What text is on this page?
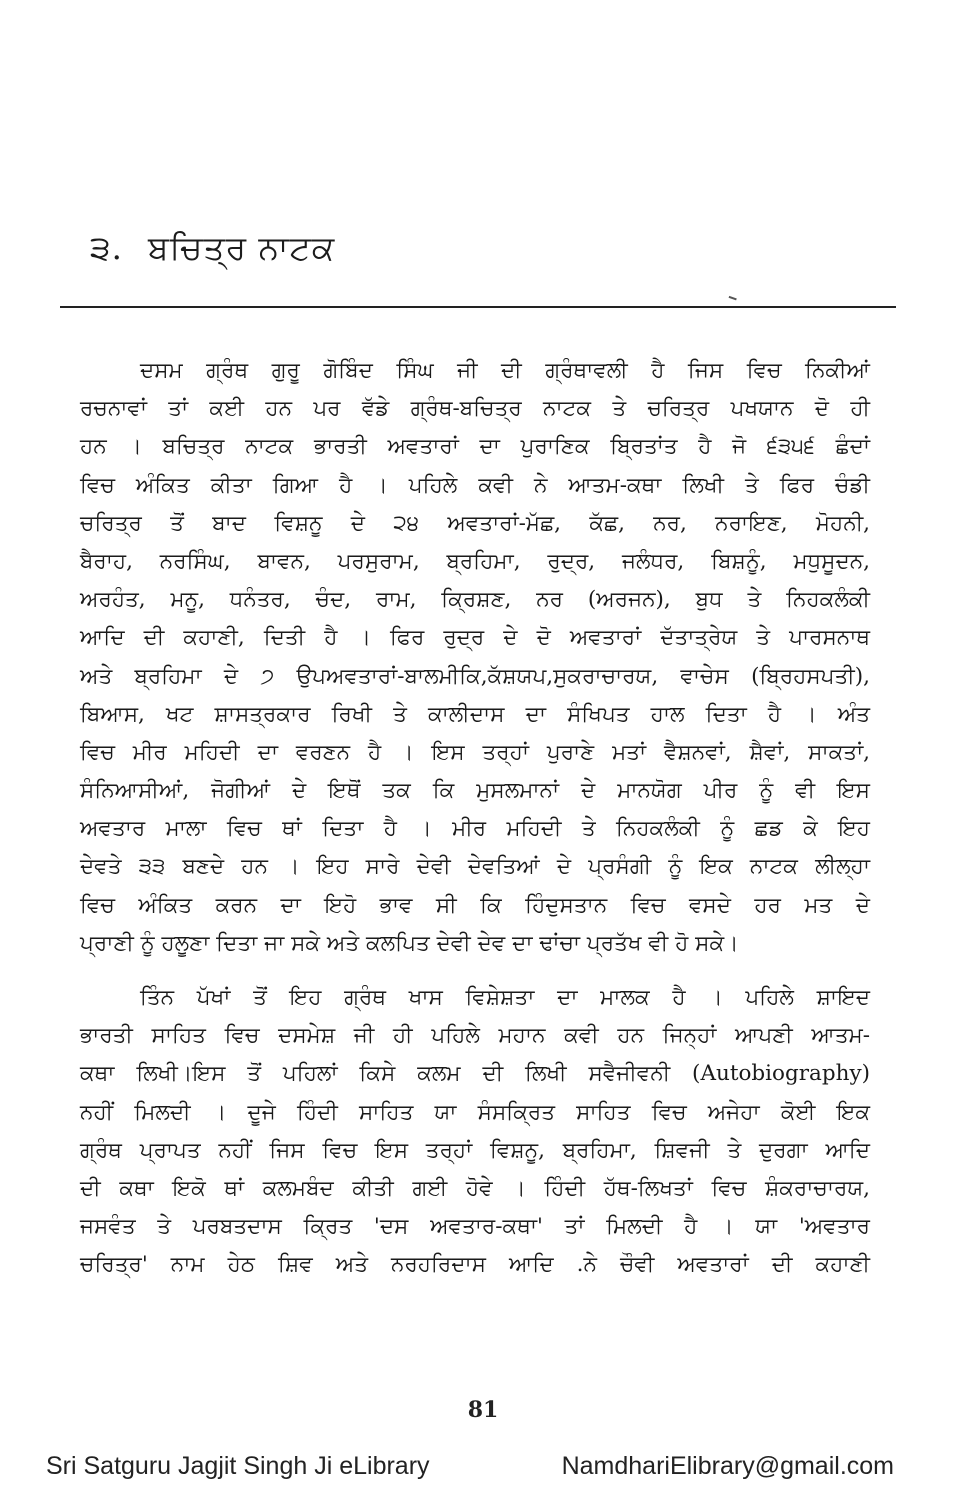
੩. ਬਚਿਤ੍ਰ ਨਾਟਕ
ਦਸਮ ਗ੍ਰੰਥ ਗੁਰੂ ਗੋਬਿੰਦ ਸਿੰਘ ਜੀ ਦੀ ਗ੍ਰੰਥਾਵਲੀ ਹੈ ਜਿਸ ਵਿਚ ਨਿਕੀਆਂ
ਰਚਨਾਵਾਂ ਤਾਂ ਕਈ ਹਨ ਪਰ ਵੱਡੇ ਗ੍ਰੰਥ-ਬਚਿਤ੍ਰ ਨਾਟਕ ਤੇ ਚਰਿਤ੍ਰ ਪਖਯਾਨ ਦੋ ਹੀ
ਹਨ । ਬਚਿਤ੍ਰ ਨਾਟਕ ਭਾਰਤੀ ਅਵਤਾਰਾਂ ਦਾ ਪੁਰਾਣਿਕ ਬ੍ਰਿਤਾਂਤ ਹੈ ਜੋ ੬੩੫੬ ਛੰਦਾਂ
ਵਿਚ ਅੰਕਿਤ ਕੀਤਾ ਗਿਆ ਹੈ । ਪਹਿਲੇ ਕਵੀ ਨੇ ਆਤਮ-ਕਥਾ ਲਿਖੀ ਤੇ ਫਿਰ ਚੰਡੀ
ਚਰਿਤ੍ਰ ਤੋਂ ਬਾਦ ਵਿਸ਼ਨੂ ਦੇ ੨੪ ਅਵਤਾਰਾਂ-ਮੱਛ, ਕੱਛ, ਨਰ, ਨਰਾਇਣ, ਮੋਹਨੀ,
ਬੈਰਾਹ, ਨਰਸਿੰਘ, ਬਾਵਨ, ਪਰਸੁਰਾਮ, ਬ੍ਰਹਿਮਾ, ਰੁਦ੍ਰ, ਜਲੰਧਰ, ਬਿਸ਼ਨੂੰ, ਮਧੁਸੂਦਨ,
ਅਰਹੰਤ, ਮਨੂ, ਧਨੰਤਰ, ਚੰਦ, ਰਾਮ, ਕ੍ਰਿਸ਼ਣ, ਨਰ (ਅਰਜਨ), ਬੁਧ ਤੇ ਨਿਹਕਲੰਕੀ
ਆਦਿ ਦੀ ਕਹਾਣੀ, ਦਿਤੀ ਹੈ । ਫਿਰ ਰੁਦ੍ਰ ਦੇ ਦੋ ਅਵਤਾਰਾਂ ਦੱਤਾਤ੍ਰੇਯ ਤੇ ਪਾਰਸਨਾਥ
ਅਤੇ ਬ੍ਰਹਿਮਾ ਦੇ ੭ ਉਪਅਵਤਾਰਾਂ-ਬਾਲਮੀਕਿ,ਕੱਸ਼ਯਪ,ਸੁਕਰਾਚਾਰਯ, ਵਾਚੇਸ (ਬ੍ਰਿਹਸਪਤੀ),
ਬਿਆਸ, ਖਟ ਸ਼ਾਸਤ੍ਰਕਾਰ ਰਿਖੀ ਤੇ ਕਾਲੀਦਾਸ ਦਾ ਸੰਖਿਪਤ ਹਾਲ ਦਿਤਾ ਹੈ । ਅੰਤ
ਵਿਚ ਮੀਰ ਮਹਿਦੀ ਦਾ ਵਰਣਨ ਹੈ । ਇਸ ਤਰ੍ਹਾਂ ਪੁਰਾਣੇ ਮਤਾਂ ਵੈਸ਼ਨਵਾਂ, ਸ਼ੈਵਾਂ, ਸਾਕਤਾਂ,
ਸੰਨਿਆਸੀਆਂ, ਜੋਗੀਆਂ ਦੇ ਇਥੋਂ ਤਕ ਕਿ ਮੁਸਲਮਾਨਾਂ ਦੇ ਮਾਨਯੋਗ ਪੀਰ ਨੂੰ ਵੀ ਇਸ
ਅਵਤਾਰ ਮਾਲਾ ਵਿਚ ਥਾਂ ਦਿਤਾ ਹੈ । ਮੀਰ ਮਹਿਦੀ ਤੇ ਨਿਹਕਲੰਕੀ ਨੂੰ ਛਡ ਕੇ ਇਹ
ਦੇਵਤੇ ੩੩ ਬਣਦੇ ਹਨ । ਇਹ ਸਾਰੇ ਦੇਵੀ ਦੇਵਤਿਆਂ ਦੇ ਪ੍ਰਸੰਗੀ ਨੂੰ ਇਕ ਨਾਟਕ ਲੀਲ੍ਹਾ
ਵਿਚ ਅੰਕਿਤ ਕਰਨ ਦਾ ਇਹੋ ਭਾਵ ਸੀ ਕਿ ਹਿੰਦੁਸਤਾਨ ਵਿਚ ਵਸਦੇ ਹਰ ਮਤ ਦੇ
ਪ੍ਰਾਣੀ ਨੂੰ ਹਲੂਣਾ ਦਿਤਾ ਜਾ ਸਕੇ ਅਤੇ ਕਲਪਿਤ ਦੇਵੀ ਦੇਵ ਦਾ ਢਾਂਚਾ ਪ੍ਰਤੱਖ ਵੀ ਹੋ ਸਕੇ।
ਤਿੰਨ ਪੱਖਾਂ ਤੋਂ ਇਹ ਗ੍ਰੰਥ ਖਾਸ ਵਿਸ਼ੇਸ਼ਤਾ ਦਾ ਮਾਲਕ ਹੈ । ਪਹਿਲੇ ਸ਼ਾਇਦ
ਭਾਰਤੀ ਸਾਹਿਤ ਵਿਚ ਦਸਮੇਸ਼ ਜੀ ਹੀ ਪਹਿਲੇ ਮਹਾਨ ਕਵੀ ਹਨ ਜਿਨ੍ਹਾਂ ਆਪਣੀ ਆਤਮ-
ਕਥਾ ਲਿਖੀ।ਇਸ ਤੋਂ ਪਹਿਲਾਂ ਕਿਸੇ ਕਲਮ ਦੀ ਲਿਖੀ ਸਵੈਜੀਵਨੀ (Autobiography)
ਨਹੀਂ ਮਿਲਦੀ । ਦੂਜੇ ਹਿੰਦੀ ਸਾਹਿਤ ਯਾ ਸੰਸਕ੍ਰਿਤ ਸਾਹਿਤ ਵਿਚ ਅਜੇਹਾ ਕੋਈ ਇਕ
ਗ੍ਰੰਥ ਪ੍ਰਾਪਤ ਨਹੀਂ ਜਿਸ ਵਿਚ ਇਸ ਤਰ੍ਹਾਂ ਵਿਸ਼ਨੂ, ਬ੍ਰਹਿਮਾ, ਸ਼ਿਵਜੀ ਤੇ ਦੁਰਗਾ ਆਦਿ
ਦੀ ਕਥਾ ਇਕੋ ਥਾਂ ਕਲਮਬੰਦ ਕੀਤੀ ਗਈ ਹੋਵੇ । ਹਿੰਦੀ ਹੱਥ-ਲਿਖਤਾਂ ਵਿਚ ਸ਼ੰਕਰਾਚਾਰਯ,
ਜਸਵੰਤ ਤੇ ਪਰਬਤਦਾਸ ਕ੍ਰਿਤ 'ਦਸ ਅਵਤਾਰ-ਕਥਾ' ਤਾਂ ਮਿਲਦੀ ਹੈ । ਯਾ 'ਅਵਤਾਰ
ਚਰਿਤ੍ਰ' ਨਾਮ ਹੇਠ ਸ਼ਿਵ ਅਤੇ ਨਰਹਰਿਦਾਸ ਆਦਿ .ਨੇ ਚੌਵੀ ਅਵਤਾਰਾਂ ਦੀ ਕਹਾਣੀ
81
Sri Satguru Jagjit Singh Ji eLibrary	NamdhariElibrary@gmail.com
